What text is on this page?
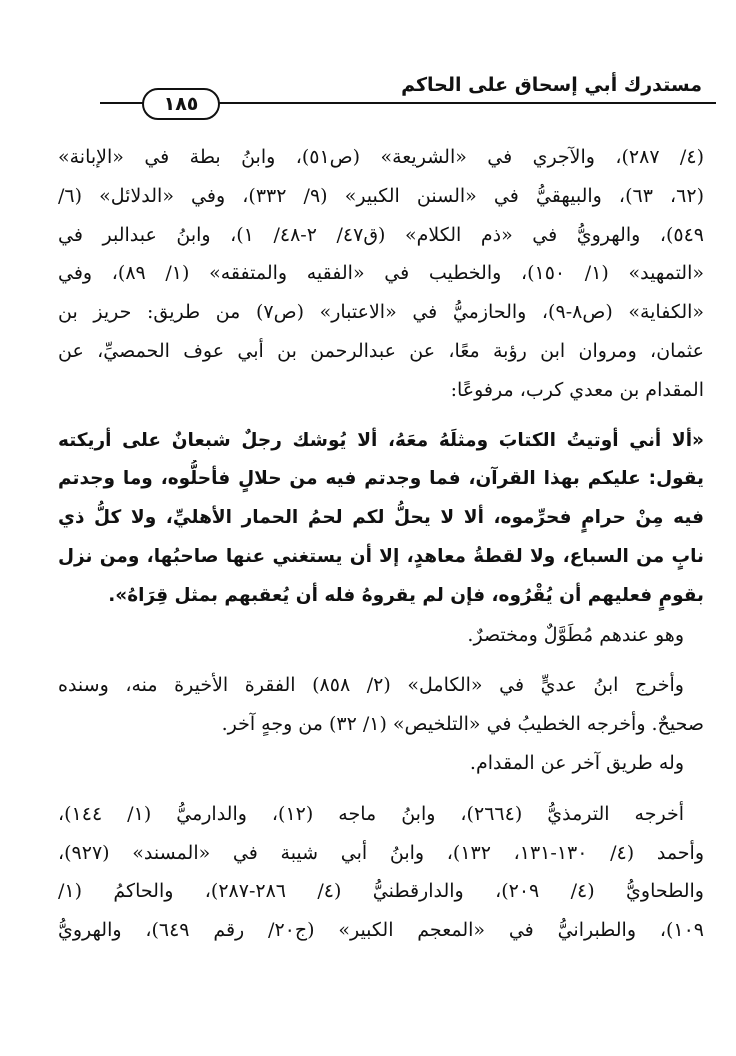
١٨٥
مستدرك أبي إسحاق على الحاكم
(٤/ ٢٨٧)، والآجري في «الشريعة» (ص٥١)، وابنُ بطة في «الإبانة»
(٦٢، ٦٣)، والبيهقيُّ في «السنن الكبير» (٩/ ٣٣٢)، وفي «الدلائل» (٦/
٥٤٩)، والهرويُّ في «ذم الكلام» (ق٤٧/ ٢-٤٨/ ١)، وابنُ عبدالبر في
«التمهيد» (١/ ١٥٠)، والخطيب في «الفقيه والمتفقه» (١/ ٨٩)، وفي
«الكفاية» (ص٨-٩)، والحازميُّ في «الاعتبار» (ص٧) من طريق: حريز بن
عثمان، ومروان ابن رؤبة معًا، عن عبدالرحمن بن أبي عوف الحمصيِّ، عن
المقدام بن معدي كرب، مرفوعًا:
«ألا أني أوتيتُ الكتابَ ومثلَهُ معَهُ، ألا يُوشك رجلٌ شبعانٌ على أريكته
يقول: عليكم بهذا القرآن، فما وجدتم فيه من حلالٍ فأحلُّوه، وما وجدتم
فيه مِنْ حرامٍ فحرِّموه، ألا لا يحلُّ لكم لحمُ الحمار الأهليِّ، ولا كلُّ ذي
نابٍ من السباع، ولا لقطةُ معاهدٍ، إلا أن يستغني عنها صاحبُها، ومن نزل
بقومٍ فعليهم أن يُقْرُوه، فإن لم يقروهُ فله أن يُعقبهم بمثل قِرَاهُ».
وهو عندهم مُطَوَّلٌ ومختصرٌ.
وأخرج ابنُ عديٍّ في «الكامل» (٢/ ٨٥٨) الفقرة الأخيرة منه، وسنده
صحيحٌ. وأخرجه الخطيبُ في «التلخيص» (١/ ٣٢) من وجهٍ آخر.
وله طريق آخر عن المقدام.
أخرجه الترمذيُّ (٢٦٦٤)، وابنُ ماجه (١٢)، والدارميُّ (١/ ١٤٤)،
وأحمد (٤/ ١٣٠-١٣١، ١٣٢)، وابنُ أبي شيبة في «المسند» (٩٢٧)،
والطحاويُّ (٤/ ٢٠٩)، والدارقطنيُّ (٤/ ٢٨٦-٢٨٧)، والحاكمُ (١/
١٠٩)، والطبرانيُّ في «المعجم الكبير» (ج٢٠/ رقم ٦٤٩)، والهرويُّ
